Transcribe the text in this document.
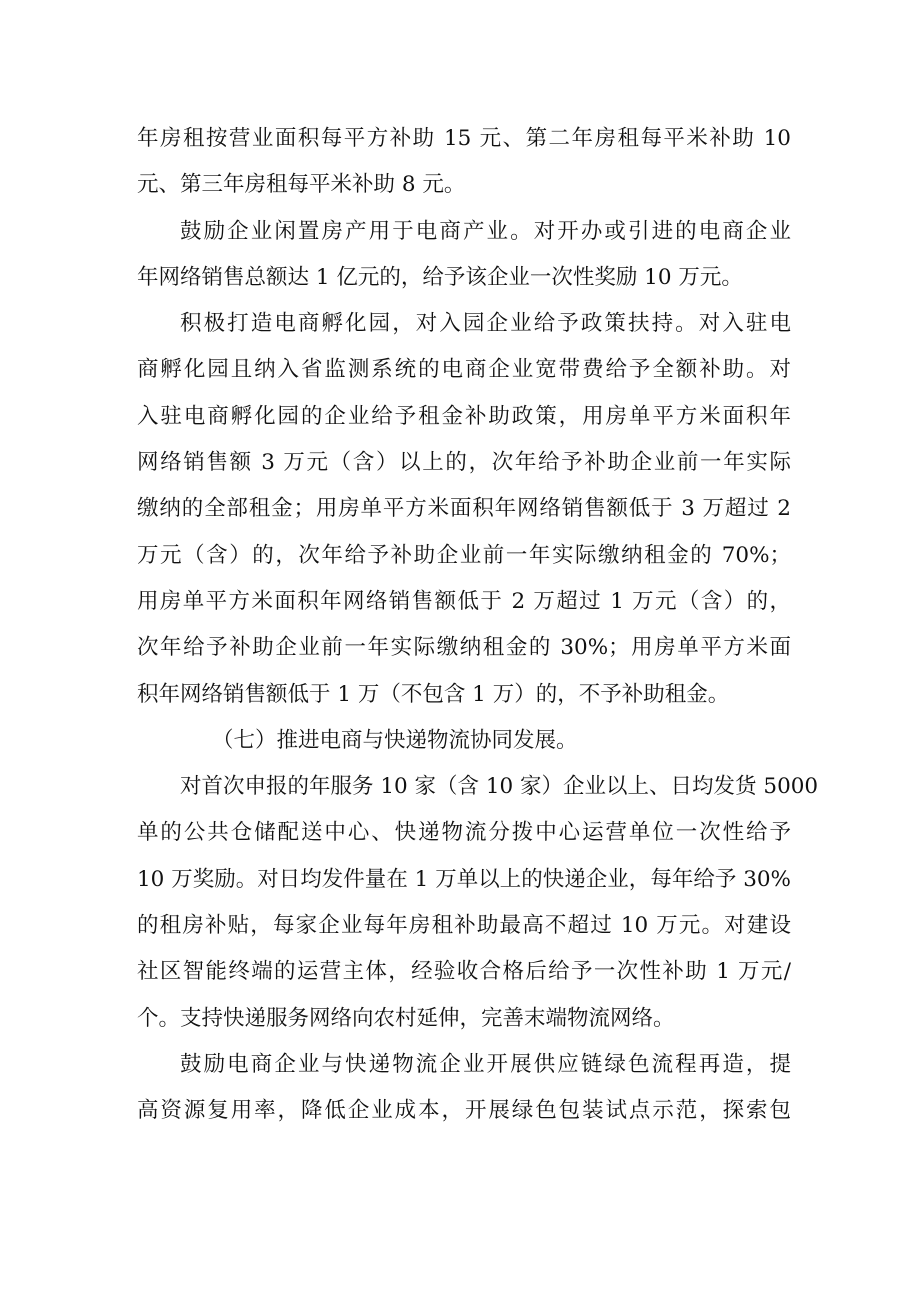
年房租按营业面积每平方补助 15 元、第二年房租每平米补助 10
元、第三年房租每平米补助 8 元。
鼓励企业闲置房产用于电商产业。对开办或引进的电商企业
年网络销售总额达 1 亿元的，给予该企业一次性奖励 10 万元。
积极打造电商孵化园，对入园企业给予政策扶持。对入驻电
商孵化园且纳入省监测系统的电商企业宽带费给予全额补助。对
入驻电商孵化园的企业给予租金补助政策，用房单平方米面积年
网络销售额 3 万元（含）以上的，次年给予补助企业前一年实际
缴纳的全部租金；用房单平方米面积年网络销售额低于 3 万超过 2
万元（含）的，次年给予补助企业前一年实际缴纳租金的 70%；
用房单平方米面积年网络销售额低于 2 万超过 1 万元（含）的，
次年给予补助企业前一年实际缴纳租金的 30%；用房单平方米面
积年网络销售额低于 1 万（不包含 1 万）的，不予补助租金。
（七）推进电商与快递物流协同发展。
对首次申报的年服务 10 家（含 10 家）企业以上、日均发货 5000
单的公共仓储配送中心、快递物流分拨中心运营单位一次性给予
10 万奖励。对日均发件量在 1 万单以上的快递企业，每年给予 30%
的租房补贴，每家企业每年房租补助最高不超过 10 万元。对建设
社区智能终端的运营主体，经验收合格后给予一次性补助 1 万元/
个。支持快递服务网络向农村延伸，完善末端物流网络。
鼓励电商企业与快递物流企业开展供应链绿色流程再造，提
高资源复用率，降低企业成本，开展绿色包装试点示范，探索包
